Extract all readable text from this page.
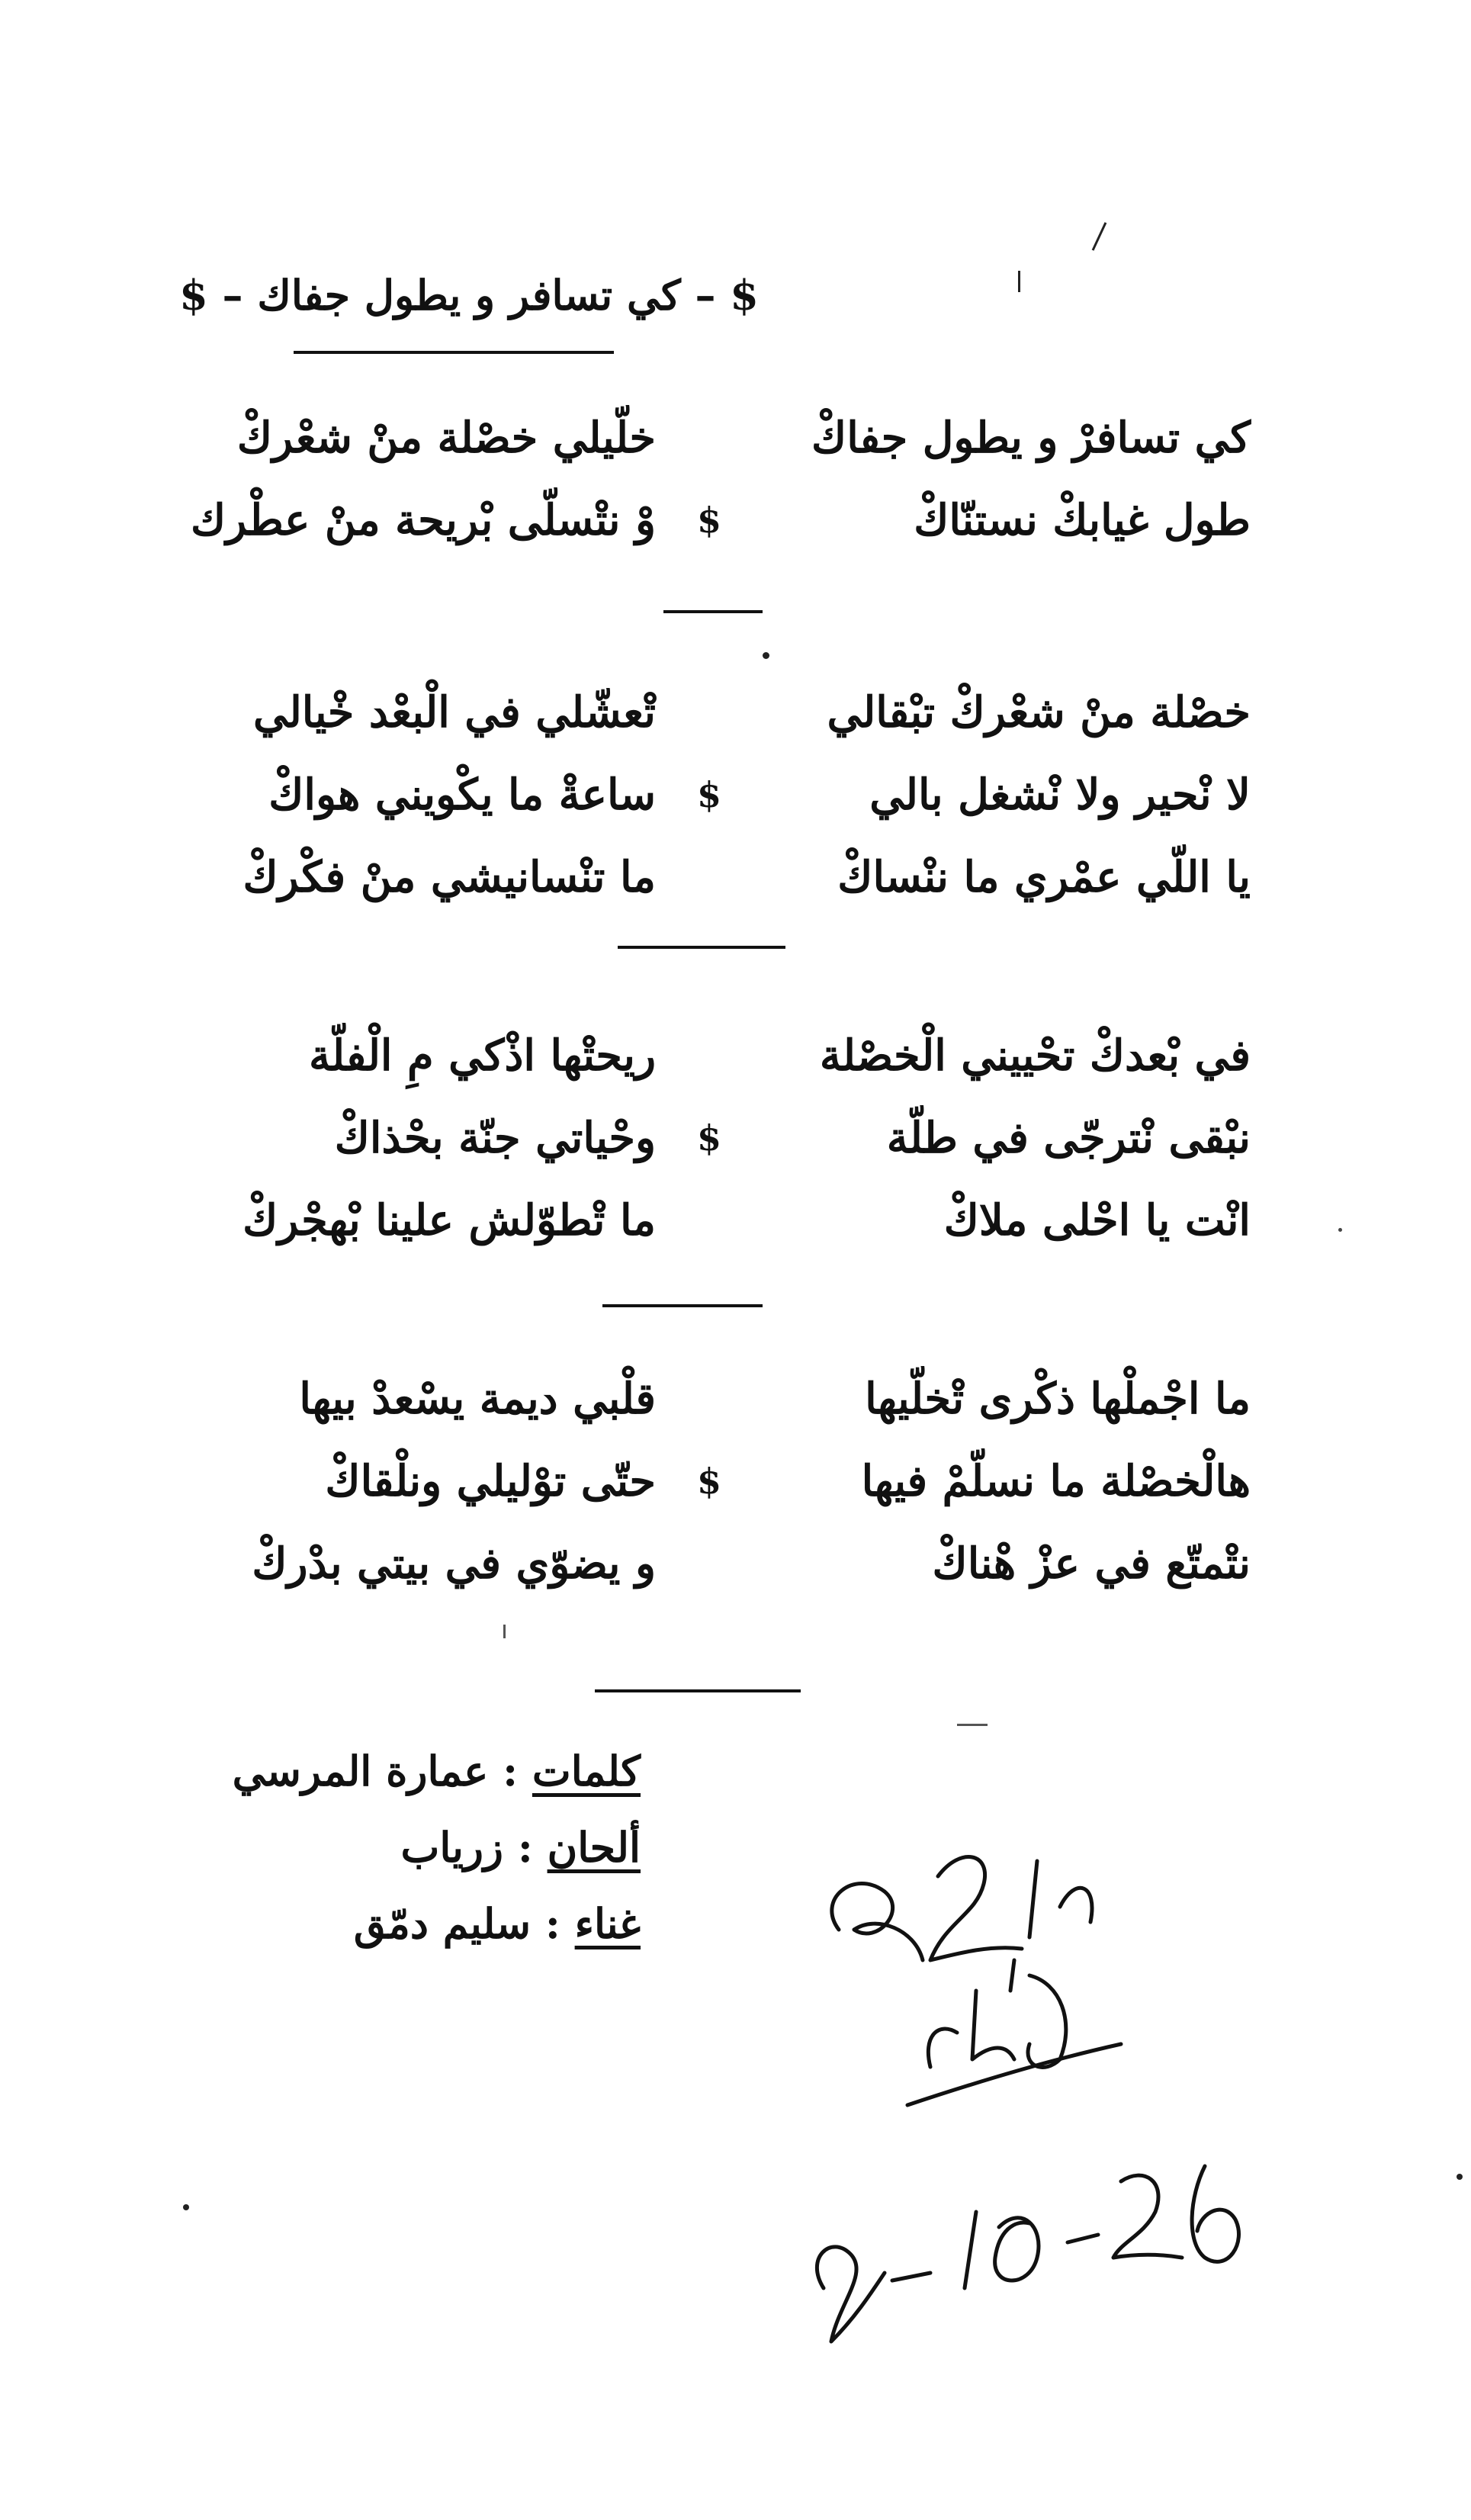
$ – كي تسافر و يطول جفاك – $
كي تسافرْ و يطول جفاكْ
خلّيلي خصْلة منْ شعْركْ
طول غيابكْ نستنّاكْ
$
وْ نتْسلّى بْريحة منْ عطْرك
خصْلة منْ شعْركْ تبْقالي
تْعشّلي في الْبعْد خْيالي
لا نْحير ولا نْشغل بالي
$
ساعةْ ما يكْويني هواكْ
يا اللّي عمْري ما ننْساكْ
ما تنْسانيشي منْ فكْركْ
في بْعدكْ تحْييني الْخصْلة
ريحتْها اذْكي مِ الْفلّة
نبْقى نْترجّى في طلّة
$
وحْياتي جنّة بحْذاكْ
انْت يا احْلى ملاكْ
ما تْطوّلش علينا بْهجْركْ
ما اجْملْها ذكْرى تْخلّيها
قلْبي ديمة يسْعدْ بيها
هالْخصْلة ما نسلّمْ فيها
$
حتّى توْليلي ونلْقاكْ
نتْمتّع في عزْ هْناكْ
و يضوّي في بيتي بدْركْ
كلمات : عمارة المرسي
ألحان : زرياب
غناء : سليم دمّق
8-10-26
